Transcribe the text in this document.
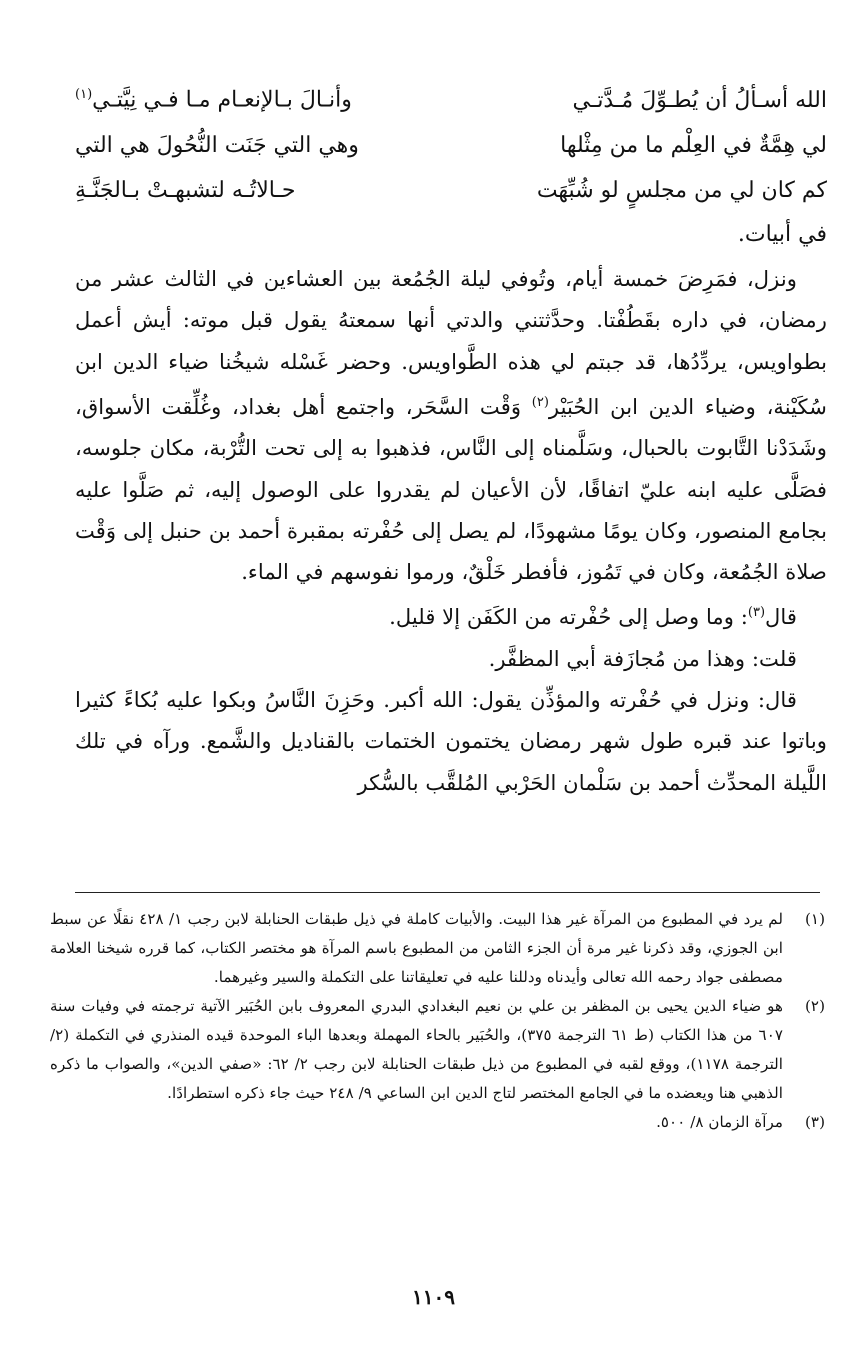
الله أسـألُ أن يُطـوِّلَ مُـدَّتـي
وأنـالَ بـالإنعـام مـا فـي نِيَّتـي$^{(١)}$
لي هِمَّةٌ في العِلْم ما من مِثْلها
وهي التي جَنَت النُّحُولَ هي التي
كم كان لي من مجلسٍ لو شُبِّهَت
حـالاتُـه لتشبهـتْ بـالجَنَّـةِ
في أبيات.

ونزل، فمَرِضَ خمسة أيام، وتُوفي ليلة الجُمُعة بين العشاءين في الثالث عشر من رمضان، في داره بقَطُفْتا. وحدَّثتني والدتي أنها سمعتهُ يقول قبل موته: أيش أعمل بطواويس، يردِّدُها، قد جبتم لي هذه الطَّواويس. وحضر غَسْله شيخُنا ضياء الدين ابن سُكَيْنة، وضياء الدين ابن الحُبَيْر$^{(٢)}$ وَقْت السَّحَر، واجتمع أهل بغداد، وغُلِّقت الأسواق، وشَدَدْنا التَّابوت بالحبال، وسَلَّمناه إلى النَّاس، فذهبوا به إلى تحت التُّرْبة، مكان جلوسه، فصَلَّى عليه ابنه عليّ اتفاقًا، لأن الأعيان لم يقدروا على الوصول إليه، ثم صَلَّوا عليه بجامع المنصور، وكان يومًا مشهودًا، لم يصل إلى حُفْرته بمقبرة أحمد بن حنبل إلى وَقْت صلاة الجُمُعة، وكان في تَمُوز، فأفطر خَلْقٌ، ورموا نفوسهم في الماء.

قال$^{(٣)}$: وما وصل إلى حُفْرته من الكَفَن إلا قليل.

قلت: وهذا من مُجازَفة أبي المظفَّر.

قال: ونزل في حُفْرته والمؤذِّن يقول: الله أكبر. وحَزِنَ النَّاسُ وبكوا عليه بُكاءً كثيرا وباتوا عند قبره طول شهر رمضان يختمون الختمات بالقناديل والشَّمع. ورآه في تلك اللَّيلة المحدِّث أحمد بن سَلْمان الحَرْبي المُلقَّب بالسُّكر

(١)
لم يرد في المطبوع من المرآة غير هذا البيت. والأبيات كاملة في ذيل طبقات الحنابلة لابن رجب ١/ ٤٢٨ نقلًا عن سبط ابن الجوزي، وقد ذكرنا غير مرة أن الجزء الثامن من المطبوع باسم المرآة هو مختصر الكتاب، كما قرره شيخنا العلامة مصطفى جواد رحمه الله تعالى وأيدناه ودللنا عليه في تعليقاتنا على التكملة والسير وغيرهما.
(٢)
هو ضياء الدين يحيى بن المظفر بن علي بن نعيم البغدادي البدري المعروف بابن الحُبَير الآتية ترجمته في وفيات سنة ٦٠٧ من هذا الكتاب (ط ٦١ الترجمة ٣٧٥)، والحُبَير بالحاء المهملة وبعدها الباء الموحدة قيده المنذري في التكملة (٢/ الترجمة ١١٧٨)، ووقع لقبه في المطبوع من ذيل طبقات الحنابلة لابن رجب ٢/ ٦٢: «صفي الدين»، والصواب ما ذكره الذهبي هنا ويعضده ما في الجامع المختصر لتاج الدين ابن الساعي ٩/ ٢٤٨ حيث جاء ذكره استطرادًا.
(٣)
مرآة الزمان ٨/ ٥٠٠.
١١٠٩
